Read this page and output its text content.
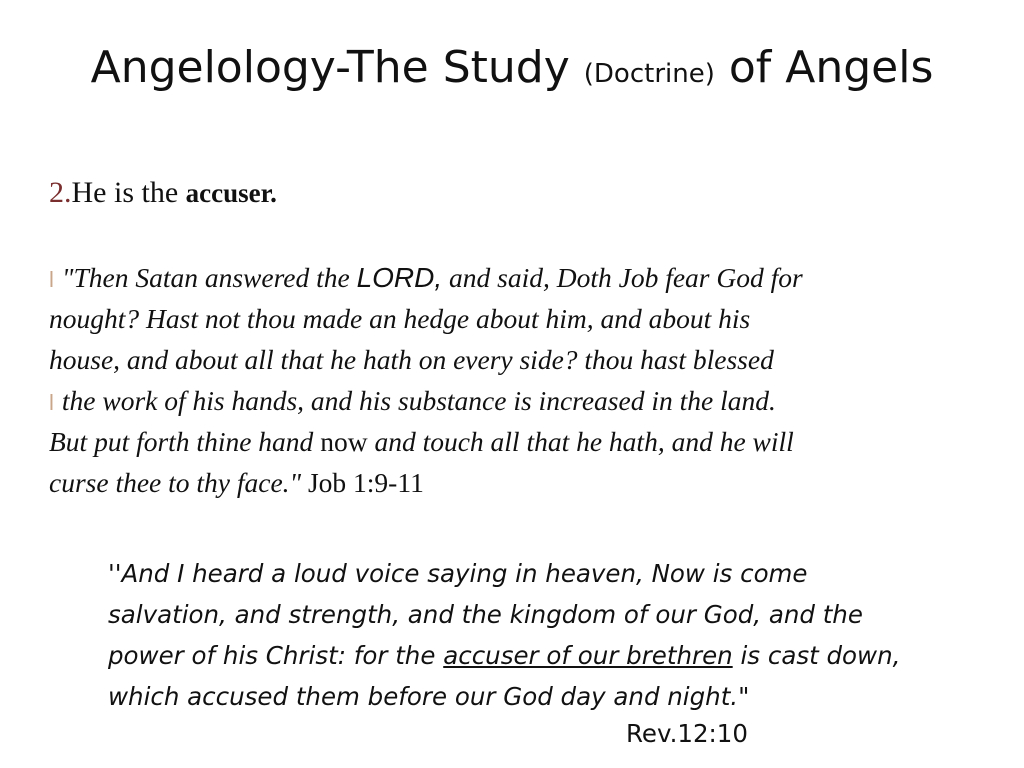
Angelology-The Study (Doctrine) of Angels
2.He is the accuser.
l "Then Satan answered the LORD, and said, Doth Job fear God for
nought? Hast not thou made an hedge about him, and about his
house, and about all that he hath on every side? thou hast blessed
l the work of his hands, and his substance is increased in the land.
But put forth thine hand now and touch all that he hath, and he will
curse thee to thy face." Job 1:9-11
''And I heard a loud voice saying in heaven, Now is come
salvation, and strength, and the kingdom of our God, and the
power of his Christ: for the accuser of our brethren is cast down,
which accused them before our God day and night."
Rev.12:10
